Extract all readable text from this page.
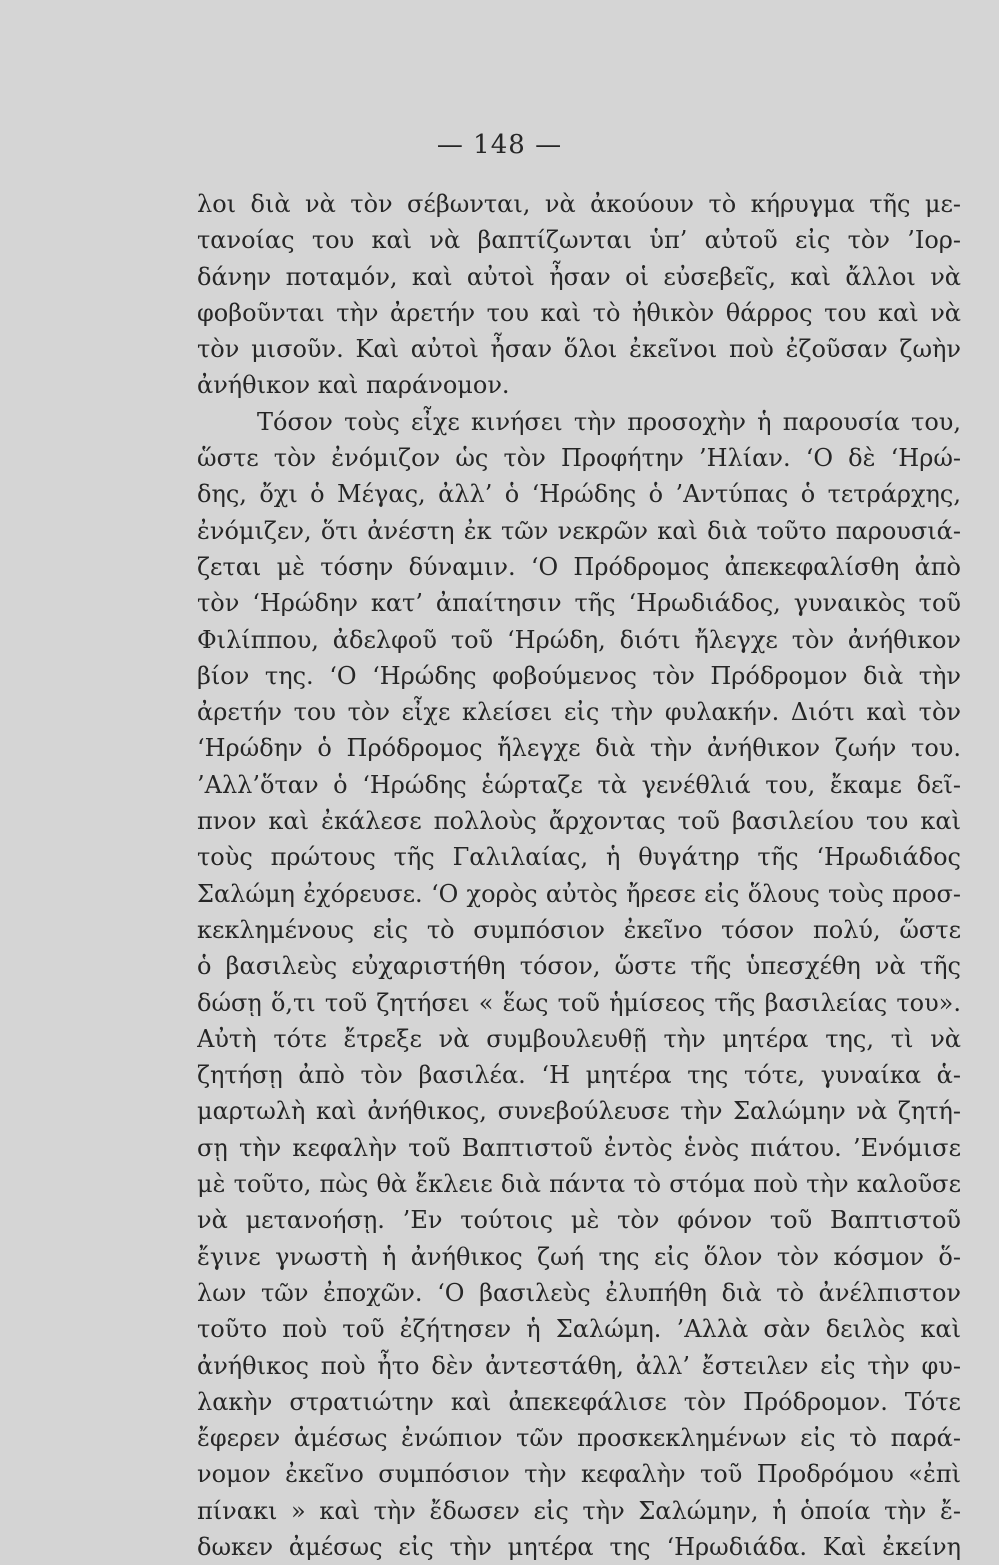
— 148 —
λοι διὰ νὰ τὸν σέβωνται, νὰ ἀκούουν τὸ κήρυγμα τῆς με-
τανοίας του καὶ νὰ βαπτίζωνται ὑπ’ αὐτοῦ εἰς τὸν ’Ιορ-
δάνην ποταμόν, καὶ αὐτοὶ ἦσαν οἱ εὐσεβεῖς, καὶ ἄλλοι νὰ
φοβοῦνται τὴν ἀρετήν του καὶ τὸ ἠθικὸν θάρρος του καὶ νὰ
τὸν μισοῦν. Καὶ αὐτοὶ ἦσαν ὅλοι ἐκεῖνοι ποὺ ἐζοῦσαν ζωὴν
ἀνήθικον καὶ παράνομον.
Τόσον τοὺς εἶχε κινήσει τὴν προσοχὴν ἡ παρουσία του,
ὥστε τὸν ἐνόμιζον ὡς τὸν Προφήτην ’Ηλίαν. ‘Ο δὲ ‘Ηρώ-
δης, ὄχι ὁ Μέγας, ἀλλ’ ὁ ‘Ηρώδης ὁ ’Αντύπας ὁ τετράρχης,
ἐνόμιζεν, ὅτι ἀνέστη ἐκ τῶν νεκρῶν καὶ διὰ τοῦτο παρουσιά-
ζεται μὲ τόσην δύναμιν. ‘Ο Πρόδρομος ἀπεκεφαλίσθη ἀπὸ
τὸν ‘Ηρώδην κατ’ ἀπαίτησιν τῆς ‘Ηρωδιάδος, γυναικὸς τοῦ
Φιλίππου, ἀδελφοῦ τοῦ ‘Ηρώδη, διότι ἤλεγχε τὸν ἀνήθικον
βίον της. ‘Ο ‘Ηρώδης φοβούμενος τὸν Πρόδρομον διὰ τὴν
ἀρετήν του τὸν εἶχε κλείσει εἰς τὴν φυλακήν. Διότι καὶ τὸν
‘Ηρώδην ὁ Πρόδρομος ἤλεγχε διὰ τὴν ἀνήθικον ζωήν του.
’Αλλ’ὅταν ὁ ‘Ηρώδης ἑώρταζε τὰ γενέθλιά του, ἔκαμε δεῖ-
πνον καὶ ἐκάλεσε πολλοὺς ἄρχοντας τοῦ βασιλείου του καὶ
τοὺς πρώτους τῆς Γαλιλαίας, ἡ θυγάτηρ τῆς ‘Ηρωδιάδος
Σαλώμη ἐχόρευσε. ‘Ο χορὸς αὐτὸς ἤρεσε εἰς ὅλους τοὺς προσ-
κεκλημένους εἰς τὸ συμπόσιον ἐκεῖνο τόσον πολύ, ὥστε
ὁ βασιλεὺς εὐχαριστήθη τόσον, ὥστε τῆς ὑπεσχέθη νὰ τῆς
δώσῃ ὅ,τι τοῦ ζητήσει « ἕως τοῦ ἡμίσεος τῆς βασιλείας του».
Αὐτὴ τότε ἔτρεξε νὰ συμβουλευθῇ τὴν μητέρα της, τὶ νὰ
ζητήσῃ ἀπὸ τὸν βασιλέα. ‘Η μητέρα της τότε, γυναίκα ἁ-
μαρτωλὴ καὶ ἀνήθικος, συνεβούλευσε τὴν Σαλώμην νὰ ζητή-
σῃ τὴν κεφαλὴν τοῦ Βαπτιστοῦ ἐντὸς ἑνὸς πιάτου. ’Ενόμισε
μὲ τοῦτο, πὼς θὰ ἔκλειε διὰ πάντα τὸ στόμα ποὺ τὴν καλοῦσε
νὰ μετανοήσῃ. ’Εν τούτοις μὲ τὸν φόνον τοῦ Βαπτιστοῦ
ἔγινε γνωστὴ ἡ ἀνήθικος ζωή της εἰς ὅλον τὸν κόσμον ὅ-
λων τῶν ἐποχῶν. ‘Ο βασιλεὺς ἐλυπήθη διὰ τὸ ἀνέλπιστον
τοῦτο ποὺ τοῦ ἐζήτησεν ἡ Σαλώμη. ’Αλλὰ σὰν δειλὸς καὶ
ἀνήθικος ποὺ ἦτο δὲν ἀντεστάθη, ἀλλ’ ἔστειλεν εἰς τὴν φυ-
λακὴν στρατιώτην καὶ ἀπεκεφάλισε τὸν Πρόδρομον. Τότε
ἔφερεν ἀμέσως ἐνώπιον τῶν προσκεκλημένων εἰς τὸ παρά-
νομον ἐκεῖνο συμπόσιον τὴν κεφαλὴν τοῦ Προδρόμου «ἐπὶ
πίνακι » καὶ τὴν ἔδωσεν εἰς τὴν Σαλώμην, ἡ ὁποία τὴν ἔ-
δωκεν ἀμέσως εἰς τὴν μητέρα της ‘Ηρωδιάδα. Καὶ ἐκείνη
